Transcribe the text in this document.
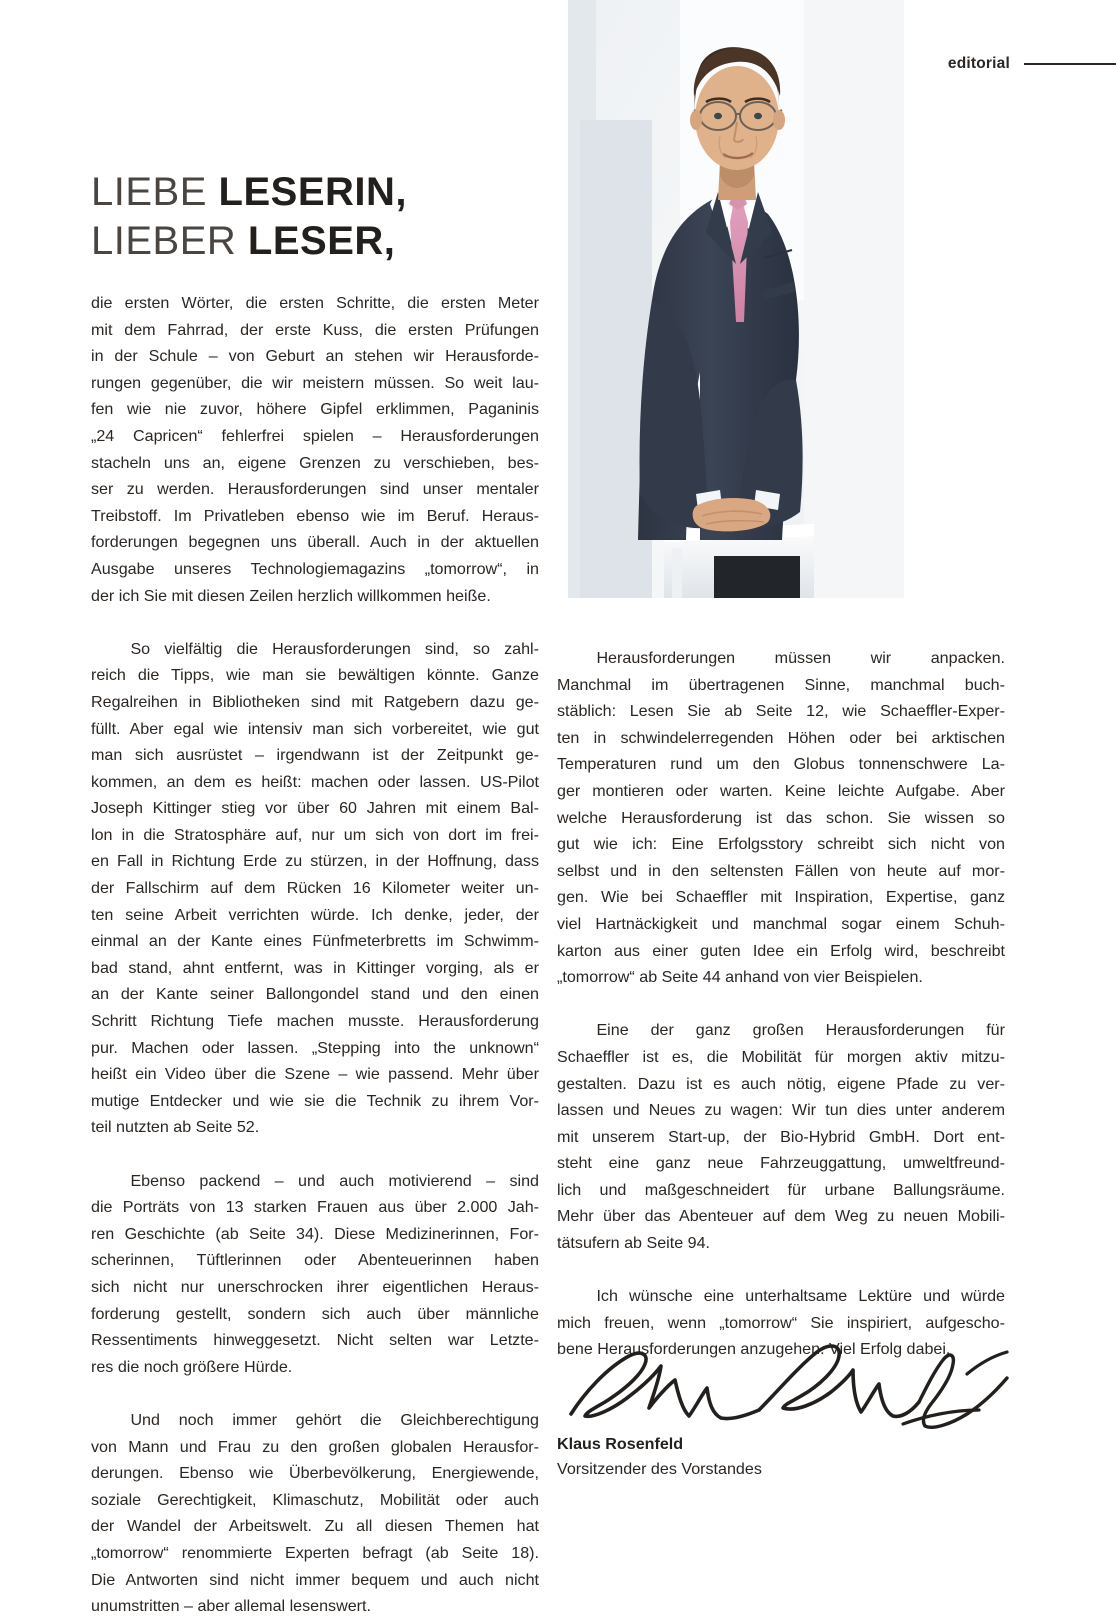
editorial
LIEBE LESERIN,
LIEBER LESER,

die ersten Wörter, die ersten Schritte, die ersten Meter
mit dem Fahrrad, der erste Kuss, die ersten Prüfungen
in der Schule – von Geburt an stehen wir Herausforde-
rungen gegenüber, die wir meistern müssen. So weit lau-
fen wie nie zuvor, höhere Gipfel erklimmen, Paganinis
„24 Capricen“ fehlerfrei spielen – Herausforderungen
stacheln uns an, eigene Grenzen zu verschieben, bes-
ser zu werden. Herausforderungen sind unser mentaler
Treibstoff. Im Privatleben ebenso wie im Beruf. Heraus-
forderungen begegnen uns überall. Auch in der aktuellen
Ausgabe unseres Technologiemagazins „tomorrow“, in
der ich Sie mit diesen Zeilen herzlich willkommen heiße.

So vielfältig die Herausforderungen sind, so zahl-
reich die Tipps, wie man sie bewältigen könnte. Ganze
Regalreihen in Bibliotheken sind mit Ratgebern dazu ge-
füllt. Aber egal wie intensiv man sich vorbereitet, wie gut
man sich ausrüstet – irgendwann ist der Zeitpunkt ge-
kommen, an dem es heißt: machen oder lassen. US-Pilot
Joseph Kittinger stieg vor über 60 Jahren mit einem Bal-
lon in die Stratosphäre auf, nur um sich von dort im frei-
en Fall in Richtung Erde zu stürzen, in der Hoffnung, dass
der Fallschirm auf dem Rücken 16 Kilometer weiter un-
ten seine Arbeit verrichten würde. Ich denke, jeder, der
einmal an der Kante eines Fünfmeterbretts im Schwimm-
bad stand, ahnt entfernt, was in Kittinger vorging, als er
an der Kante seiner Ballongondel stand und den einen
Schritt Richtung Tiefe machen musste. Herausforderung
pur. Machen oder lassen. „Stepping into the unknown“
heißt ein Video über die Szene – wie passend. Mehr über
mutige Entdecker und wie sie die Technik zu ihrem Vor-
teil nutzten ab Seite 52.

Ebenso packend – und auch motivierend – sind
die Porträts von 13 starken Frauen aus über 2.000 Jah-
ren Geschichte (ab Seite 34). Diese Medizinerinnen, For-
scherinnen, Tüftlerinnen oder Abenteuerinnen haben
sich nicht nur unerschrocken ihrer eigentlichen Heraus-
forderung gestellt, sondern sich auch über männliche
Ressentiments hinweggesetzt. Nicht selten war Letzte-
res die noch größere Hürde.

Und noch immer gehört die Gleichberechtigung
von Mann und Frau zu den großen globalen Herausfor-
derungen. Ebenso wie Überbevölkerung, Energiewende,
soziale Gerechtigkeit, Klimaschutz, Mobilität oder auch
der Wandel der Arbeitswelt. Zu all diesen Themen hat
„tomorrow“ renommierte Experten befragt (ab Seite 18).
Die Antworten sind nicht immer bequem und auch nicht
unumstritten – aber allemal lesenswert.

Herausforderungen müssen wir anpacken.
Manchmal im übertragenen Sinne, manchmal buch-
stäblich: Lesen Sie ab Seite 12, wie Schaeffler-Exper-
ten in schwindelerregenden Höhen oder bei arktischen
Temperaturen rund um den Globus tonnenschwere La-
ger montieren oder warten. Keine leichte Aufgabe. Aber
welche Herausforderung ist das schon. Sie wissen so
gut wie ich: Eine Erfolgsstory schreibt sich nicht von
selbst und in den seltensten Fällen von heute auf mor-
gen. Wie bei Schaeffler mit Inspiration, Expertise, ganz
viel Hartnäckigkeit und manchmal sogar einem Schuh-
karton aus einer guten Idee ein Erfolg wird, beschreibt
„tomorrow“ ab Seite 44 anhand von vier Beispielen.

Eine der ganz großen Herausforderungen für
Schaeffler ist es, die Mobilität für morgen aktiv mitzu-
gestalten. Dazu ist es auch nötig, eigene Pfade zu ver-
lassen und Neues zu wagen: Wir tun dies unter anderem
mit unserem Start-up, der Bio-Hybrid GmbH. Dort ent-
steht eine ganz neue Fahrzeuggattung, umweltfreund-
lich und maßgeschneidert für urbane Ballungsräume.
Mehr über das Abenteuer auf dem Weg zu neuen Mobili-
tätsufern ab Seite 94.

Ich wünsche eine unterhaltsame Lektüre und würde
mich freuen, wenn „tomorrow“ Sie inspiriert, aufgescho-
bene Herausforderungen anzugehen. Viel Erfolg dabei.

Klaus Rosenfeld
Vorsitzender des Vorstandes
